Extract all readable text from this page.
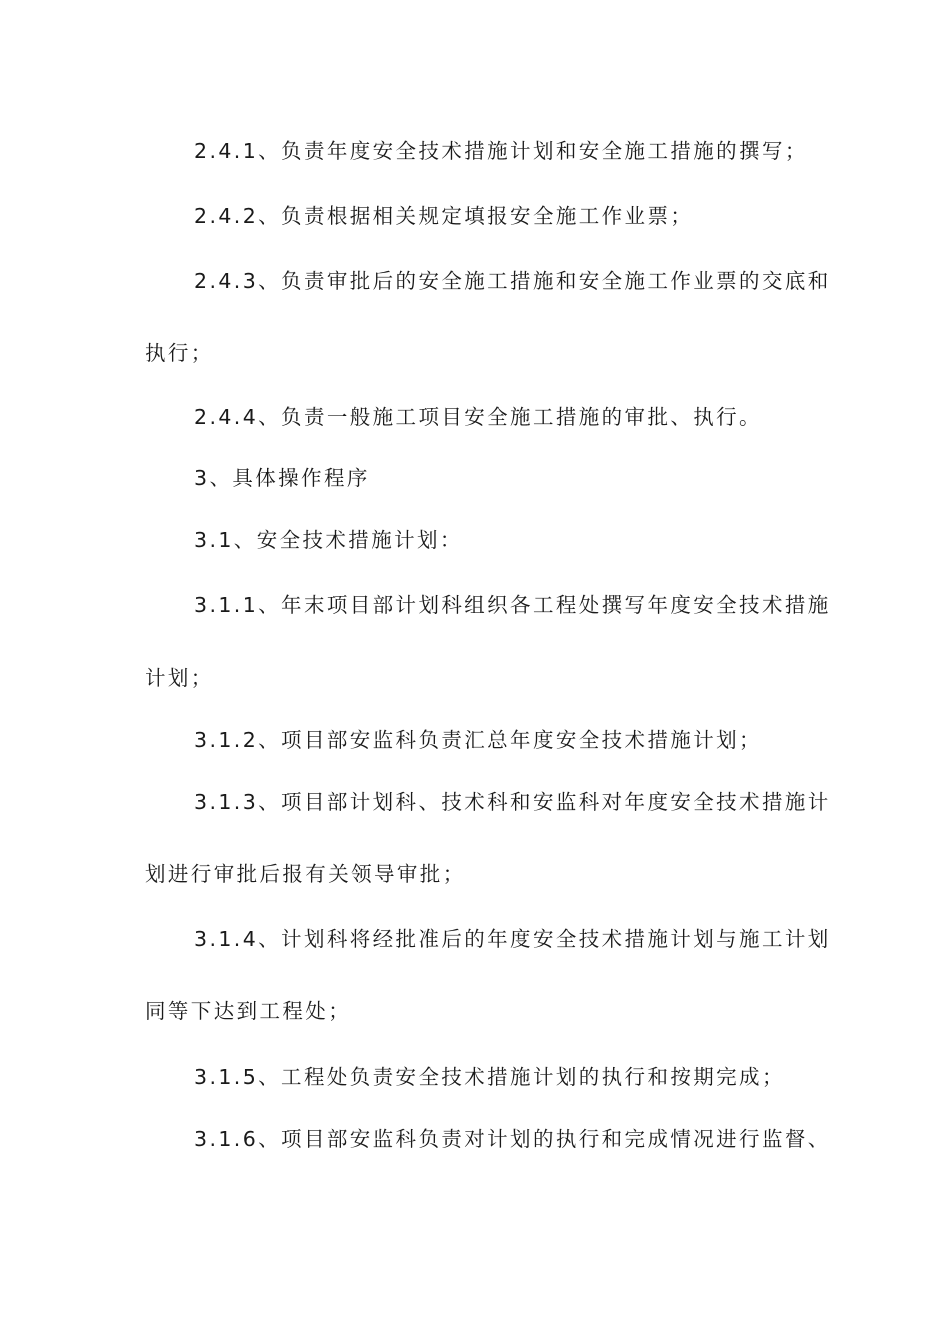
2.4.1、负责年度安全技术措施计划和安全施工措施的撰写；
2.4.2、负责根据相关规定填报安全施工作业票；
2.4.3、负责审批后的安全施工措施和安全施工作业票的交底和
执行；
2.4.4、负责一般施工项目安全施工措施的审批、执行。
3、具体操作程序
3.1、安全技术措施计划：
3.1.1、年末项目部计划科组织各工程处撰写年度安全技术措施
计划；
3.1.2、项目部安监科负责汇总年度安全技术措施计划；
3.1.3、项目部计划科、技术科和安监科对年度安全技术措施计
划进行审批后报有关领导审批；
3.1.4、计划科将经批准后的年度安全技术措施计划与施工计划
同等下达到工程处；
3.1.5、工程处负责安全技术措施计划的执行和按期完成；
3.1.6、项目部安监科负责对计划的执行和完成情况进行监督、
